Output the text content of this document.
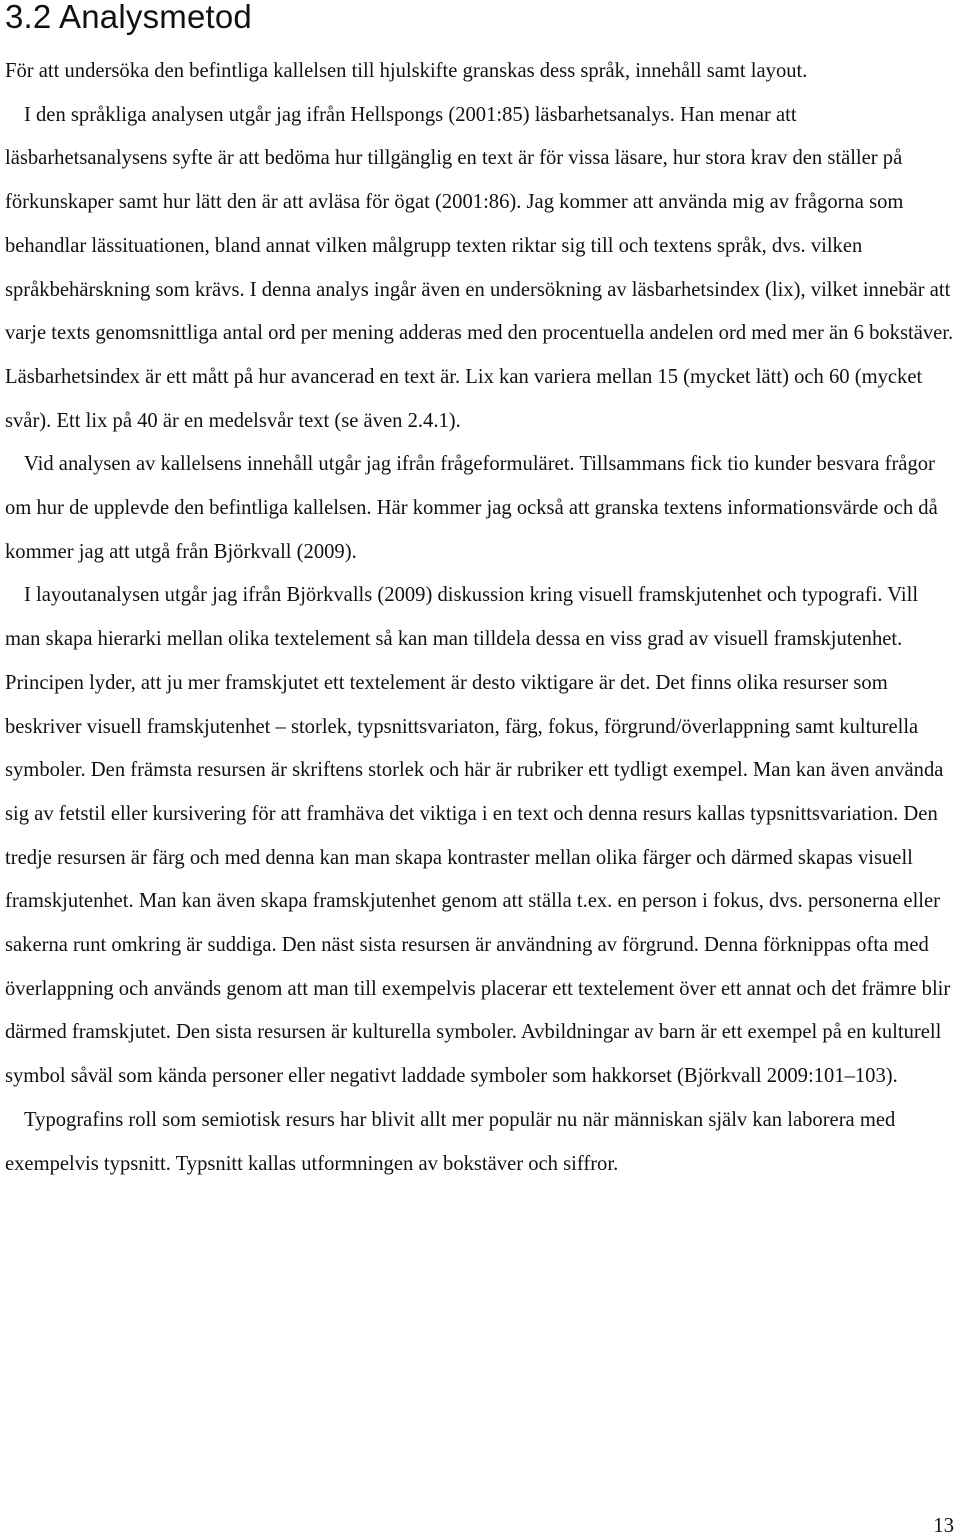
3.2 Analysmetod

För att undersöka den befintliga kallelsen till hjulskifte granskas dess språk, innehåll samt layout.

I den språkliga analysen utgår jag ifrån Hellspongs (2001:85) läsbarhetsanalys. Han menar att läsbarhetsanalysens syfte är att bedöma hur tillgänglig en text är för vissa läsare, hur stora krav den ställer på förkunskaper samt hur lätt den är att avläsa för ögat (2001:86). Jag kommer att använda mig av frågorna som behandlar lässituationen, bland annat vilken målgrupp texten riktar sig till och textens språk, dvs. vilken språkbehärskning som krävs. I denna analys ingår även en undersökning av läsbarhetsindex (lix), vilket innebär att varje texts genomsnittliga antal ord per mening adderas med den procentuella andelen ord med mer än 6 bokstäver. Läsbarhetsindex är ett mått på hur avancerad en text är. Lix kan variera mellan 15 (mycket lätt) och 60 (mycket svår). Ett lix på 40 är en medelsvår text (se även 2.4.1).

Vid analysen av kallelsens innehåll utgår jag ifrån frågeformuläret. Tillsammans fick tio kunder besvara frågor om hur de upplevde den befintliga kallelsen. Här kommer jag också att granska textens informationsvärde och då kommer jag att utgå från Björkvall (2009).

I layoutanalysen utgår jag ifrån Björkvalls (2009) diskussion kring visuell framskjutenhet och typografi. Vill man skapa hierarki mellan olika textelement så kan man tilldela dessa en viss grad av visuell framskjutenhet. Principen lyder, att ju mer framskjutet ett textelement är desto viktigare är det. Det finns olika resurser som beskriver visuell framskjutenhet – storlek, typsnittsvariaton, färg, fokus, förgrund/överlappning samt kulturella symboler. Den främsta resursen är skriftens storlek och här är rubriker ett tydligt exempel. Man kan även använda sig av fetstil eller kursivering för att framhäva det viktiga i en text och denna resurs kallas typsnittsvariation. Den tredje resursen är färg och med denna kan man skapa kontraster mellan olika färger och därmed skapas visuell framskjutenhet. Man kan även skapa framskjutenhet genom att ställa t.ex. en person i fokus, dvs. personerna eller sakerna runt omkring är suddiga. Den näst sista resursen är användning av förgrund. Denna förknippas ofta med överlappning och används genom att man till exempelvis placerar ett textelement över ett annat och det främre blir därmed framskjutet. Den sista resursen är kulturella symboler. Avbildningar av barn är ett exempel på en kulturell symbol såväl som kända personer eller negativt laddade symboler som hakkorset (Björkvall 2009:101–103).

Typografins roll som semiotisk resurs har blivit allt mer populär nu när människan själv kan laborera med exempelvis typsnitt. Typsnitt kallas utformningen av bokstäver och siffror.

13
